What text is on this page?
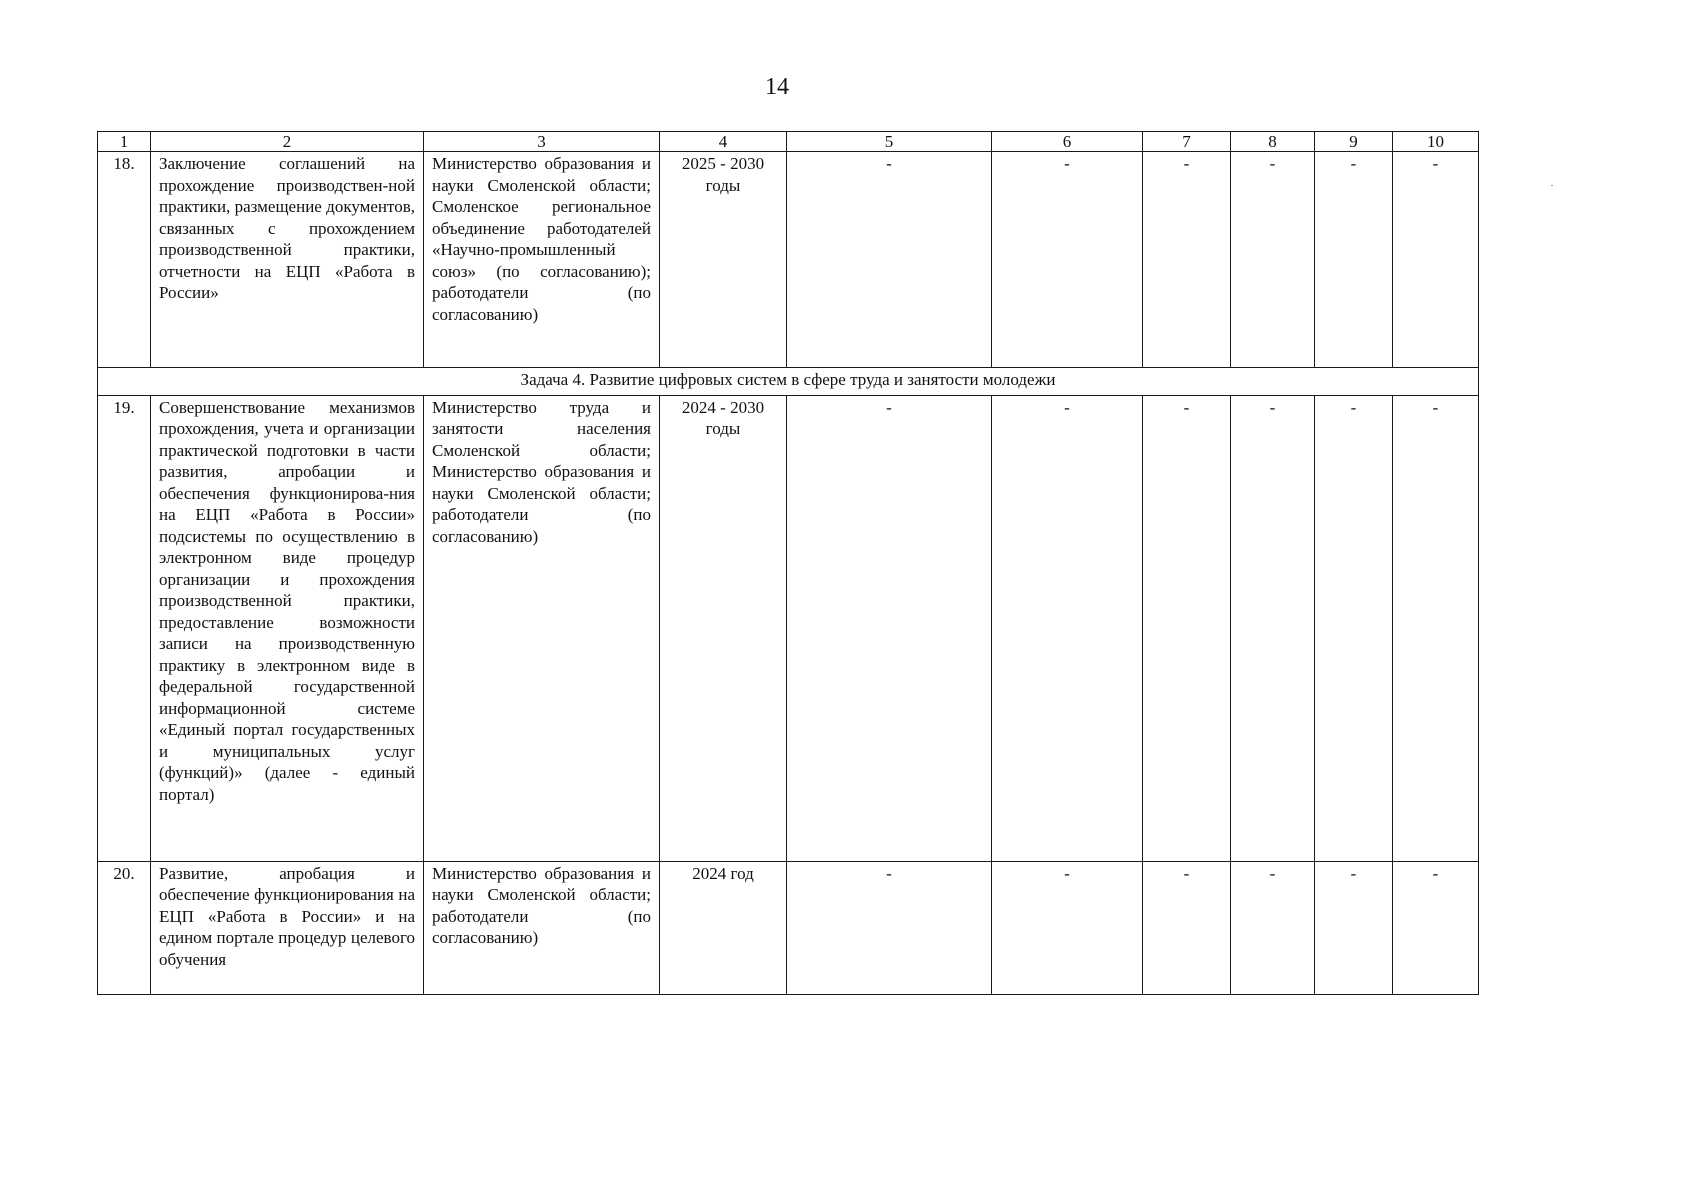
14
1	2	3	4	5	6	7	8	9	10
18.	Заключение соглашений на прохождение производствен-ной практики, размещение документов, связанных с прохождением производственной практики, отчетности на ЕЦП «Работа в России»	Министерство образования и науки Смоленской области; Смоленское региональное объединение работодателей «Научно-промышленный союз» (по согласованию); работодатели (по согласованию)	2025 - 2030 годы	-	-	-	-	-	-
Задача 4. Развитие цифровых систем в сфере труда и занятости молодежи									
19.	Совершенствование механизмов прохождения, учета и организации практической подготовки в части развития, апробации и обеспечения функционирова-ния на ЕЦП «Работа в России» подсистемы по осуществлению в электронном виде процедур организации и прохождения производственной практики, предоставление возможности записи на производственную практику в электронном виде в федеральной государственной информационной системе «Единый портал государственных и муниципальных услуг (функций)» (далее - единый портал)	Министерство труда и занятости населения Смоленской области; Министерство образования и науки Смоленской области; работодатели (по согласованию)	2024 - 2030 годы	-	-	-	-	-	-
20.	Развитие, апробация и обеспечение функционирования на ЕЦП «Работа в России» и на едином портале процедур целевого обучения	Министерство образования и науки Смоленской области; работодатели (по согласованию)	2024 год	-	-	-	-	-	-
